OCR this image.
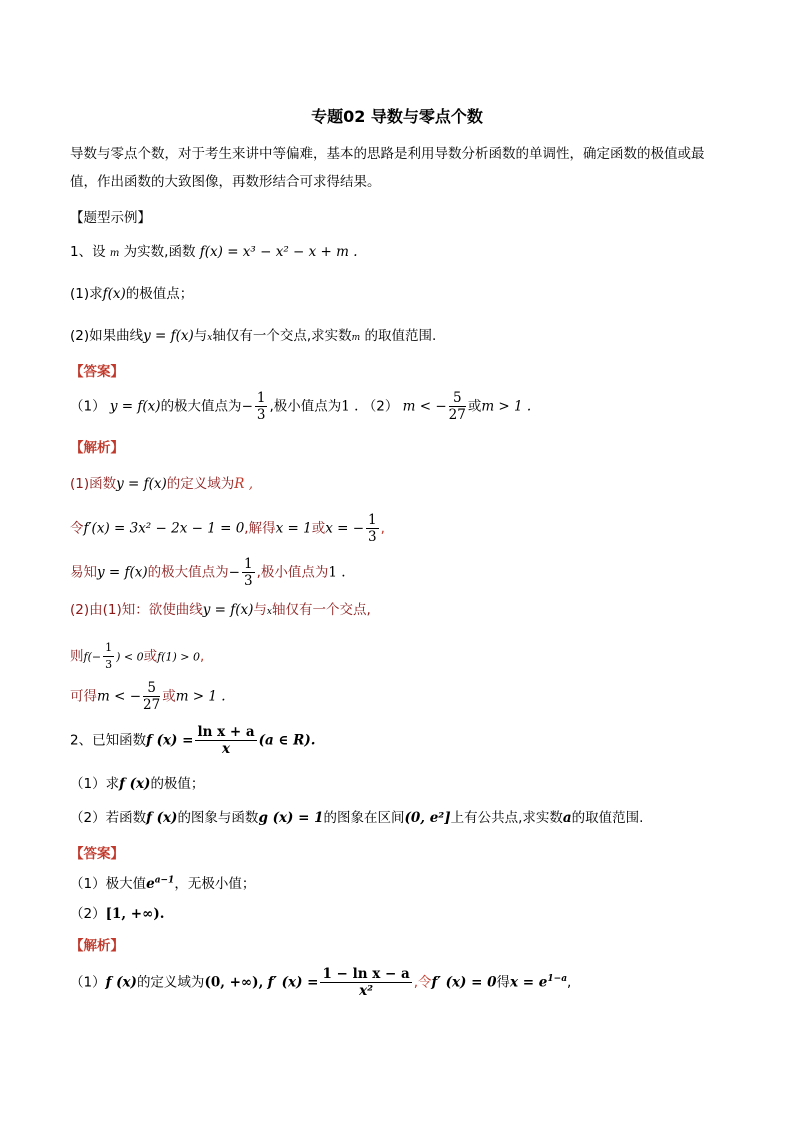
专题02 导数与零点个数
导数与零点个数，对于考生来讲中等偏难，基本的思路是利用导数分析函数的单调性，确定函数的极值或最值，作出函数的大致图像，再数形结合可求得结果。
【题型示例】
1、设 m 为实数,函数 f(x) = x³ − x² − x + m .
(1)求f(x)的极值点；
(2)如果曲线y = f(x)与x轴仅有一个交点,求实数m 的取值范围.
【答案】
（1） y = f(x)的极大值点为− $\frac{1}{3}$ ,极小值点为1 . （2） m < − $\frac{5}{27}$ 或m > 1 .
【解析】
(1)函数y = f(x)的定义域为R ,
令f′(x) = 3x² − 2x − 1 = 0,解得x = 1或x = − $\frac{1}{3}$ ,
易知y = f(x)的极大值点为− $\frac{1}{3}$ ,极小值点为1 .
(2)由(1)知：欲使曲线y = f(x)与x轴仅有一个交点,
则$f(- \frac{1}{3}$ ) < 0或f(1) > 0,
可得m < − $\frac{5}{27}$ 或m > 1 .
2、已知函数f $(x) = \frac{\text{ln x + a}}{x} (a$ ∈ R).
（1）求f (x)的极值；
（2）若函数f (x)的图象与函数g (x) = 1的图象在区间(0, e²]上有公共点,求实数a的取值范围.
【答案】
（1）极大值$e^{a-1}$，无极小值；
（2）[1, +∞).
【解析】
（1）f (x)的定义域为(0, +∞), f′ $(x) = \frac{\text{1 − ln x − a}}{\text{x²}}$ ,令f′ (x) = 0得$x = e^{1-a}$,
